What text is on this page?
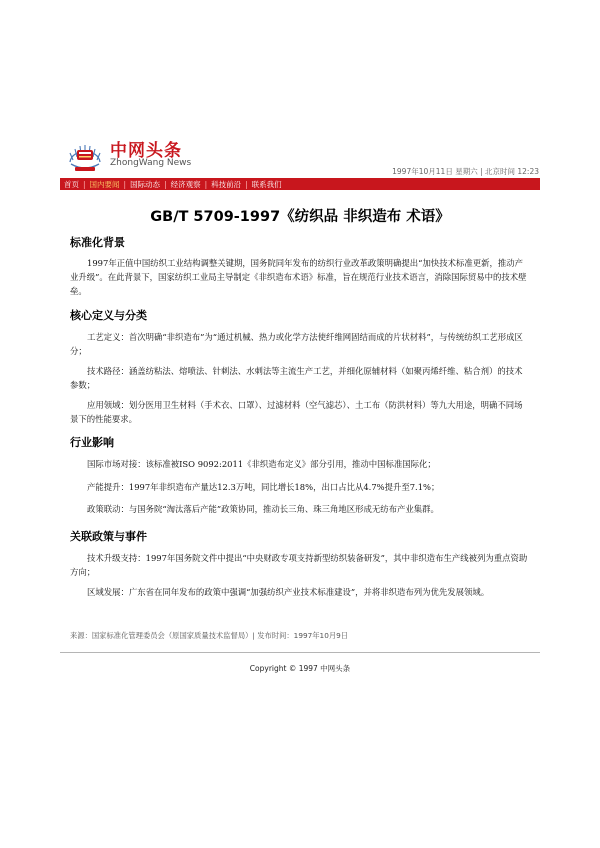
中网头条
ZhongWang News
1997年10月11日 星期六 | 北京时间 12:23
首页 | 国内要闻 | 国际动态 | 经济观察 | 科技前沿 | 联系我们
GB/T 5709-1997《纺织品 非织造布 术语》
标准化背景

1997年正值中国纺织工业结构调整关键期，国务院同年发布的纺织行业改革政策明确提出“加快技术标准更新，推动产业升级”。在此背景下，国家纺织工业局主导制定《非织造布术语》标准，旨在规范行业技术语言，消除国际贸易中的技术壁垒。

核心定义与分类

工艺定义：首次明确“非织造布”为“通过机械、热力或化学方法使纤维网固结而成的片状材料”，与传统纺织工艺形成区分；

技术路径：涵盖纺粘法、熔喷法、针刺法、水刺法等主流生产工艺，并细化原辅材料（如聚丙烯纤维、粘合剂）的技术参数；

应用领域：划分医用卫生材料（手术衣、口罩）、过滤材料（空气滤芯）、土工布（防洪材料）等九大用途，明确不同场景下的性能要求。

行业影响

国际市场对接：该标准被ISO 9092:2011《非织造布定义》部分引用，推动中国标准国际化；

产能提升：1997年非织造布产量达12.3万吨，同比增长18%，出口占比从4.7%提升至7.1%；

政策联动：与国务院“淘汰落后产能”政策协同，推动长三角、珠三角地区形成无纺布产业集群。

关联政策与事件

技术升级支持：1997年国务院文件中提出“中央财政专项支持新型纺织装备研发”，其中非织造布生产线被列为重点资助方向；

区域发展：广东省在同年发布的政策中强调“加强纺织产业技术标准建设”，并将非织造布列为优先发展领域。

来源：国家标准化管理委员会（原国家质量技术监督局）| 发布时间：1997年10月9日
Copyright © 1997 中网头条
